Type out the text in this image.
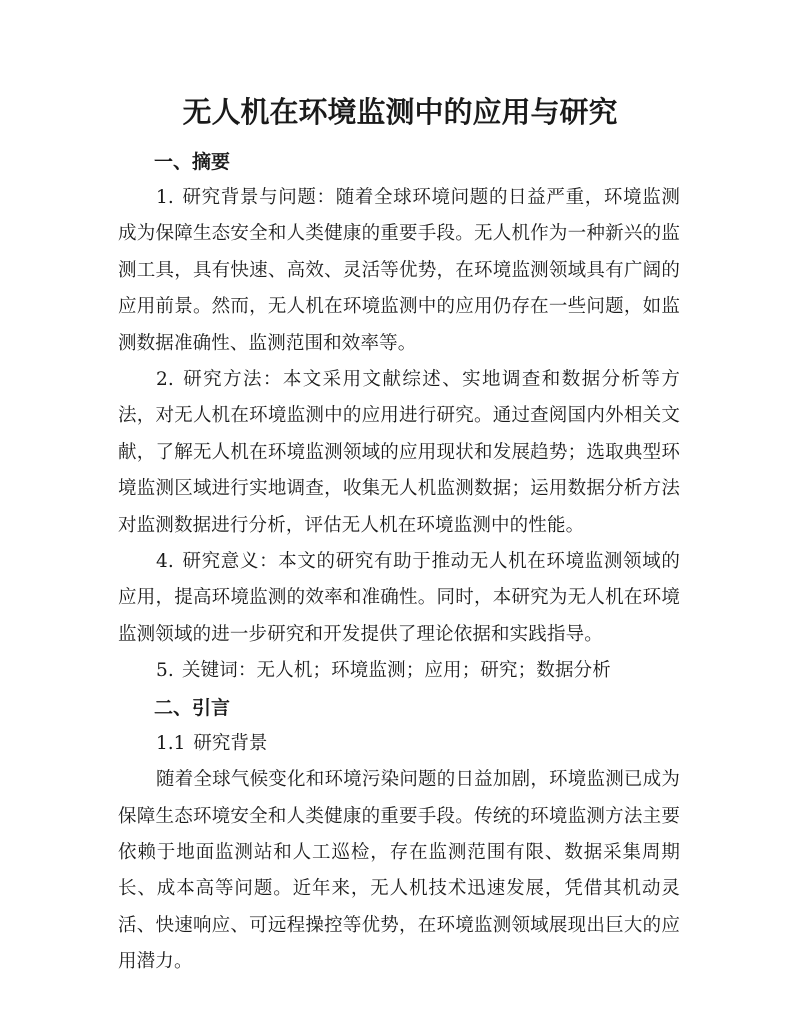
无人机在环境监测中的应用与研究
一、摘要

1. 研究背景与问题：随着全球环境问题的日益严重，环境监测成为保障生态安全和人类健康的重要手段。无人机作为一种新兴的监测工具，具有快速、高效、灵活等优势，在环境监测领域具有广阔的应用前景。然而，无人机在环境监测中的应用仍存在一些问题，如监测数据准确性、监测范围和效率等。

2. 研究方法：本文采用文献综述、实地调查和数据分析等方法，对无人机在环境监测中的应用进行研究。通过查阅国内外相关文献，了解无人机在环境监测领域的应用现状和发展趋势；选取典型环境监测区域进行实地调查，收集无人机监测数据；运用数据分析方法对监测数据进行分析，评估无人机在环境监测中的性能。

4. 研究意义：本文的研究有助于推动无人机在环境监测领域的应用，提高环境监测的效率和准确性。同时，本研究为无人机在环境监测领域的进一步研究和开发提供了理论依据和实践指导。

5. 关键词：无人机；环境监测；应用；研究；数据分析

二、引言

1.1 研究背景

随着全球气候变化和环境污染问题的日益加剧，环境监测已成为保障生态环境安全和人类健康的重要手段。传统的环境监测方法主要依赖于地面监测站和人工巡检，存在监测范围有限、数据采集周期长、成本高等问题。近年来，无人机技术迅速发展，凭借其机动灵活、快速响应、可远程操控等优势，在环境监测领域展现出巨大的应用潜力。
